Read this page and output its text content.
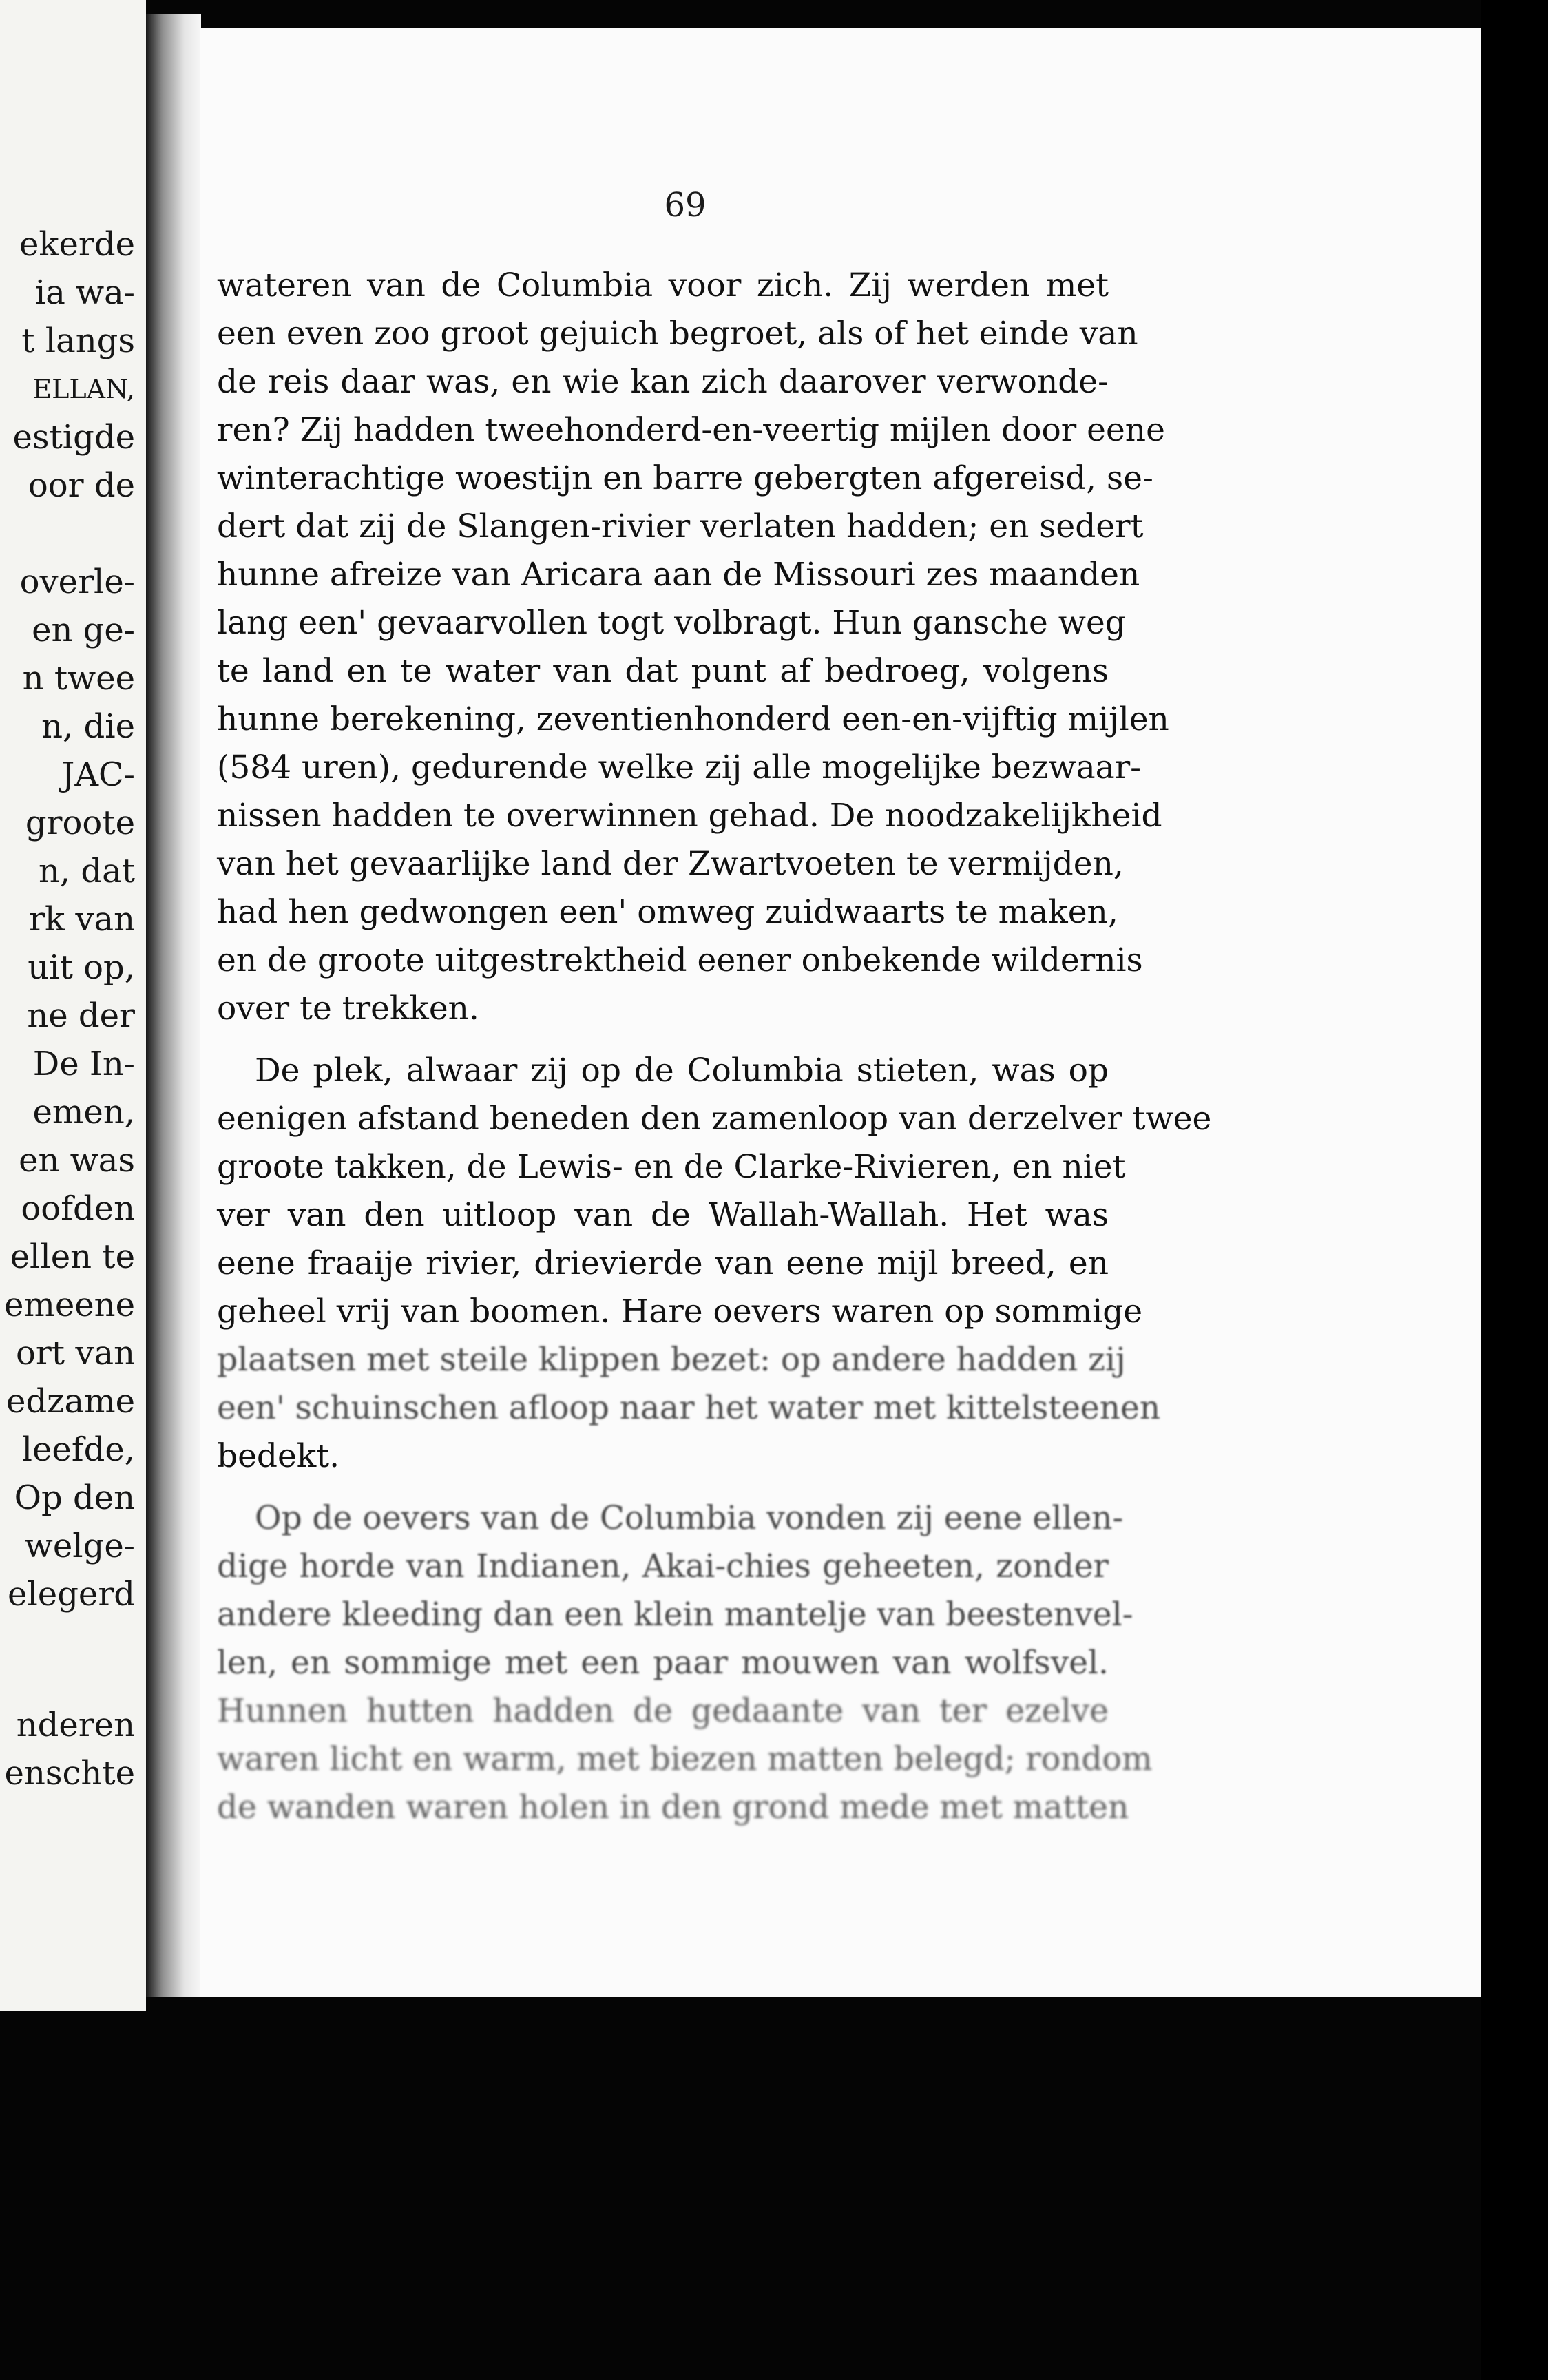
ekerde
ia wa-
t langs
ELLAN,
estigde
oor de
overle-
en ge-
n twee
n, die
JAC-
groote
n, dat
rk van
uit op,
ne der
De In-
emen,
en was
oofden
ellen te
emeene
ort van
edzame
leefde,
Op den
welge-
elegerd
nderen
enschte
69
wateren van de Columbia voor zich. Zij werden met
een even zoo groot gejuich begroet, als of het einde van
de reis daar was, en wie kan zich daarover verwonde-
ren? Zij hadden tweehonderd-en-veertig mijlen door eene
winterachtige woestijn en barre gebergten afgereisd, se-
dert dat zij de Slangen-rivier verlaten hadden; en sedert
hunne afreize van Aricara aan de Missouri zes maanden
lang een' gevaarvollen togt volbragt. Hun gansche weg
te land en te water van dat punt af bedroeg, volgens
hunne berekening, zeventienhonderd een-en-vijftig mijlen
(584 uren), gedurende welke zij alle mogelijke bezwaar-
nissen hadden te overwinnen gehad. De noodzakelijkheid
van het gevaarlijke land der Zwartvoeten te vermijden,
had hen gedwongen een' omweg zuidwaarts te maken,
en de groote uitgestrektheid eener onbekende wildernis
over te trekken.
De plek, alwaar zij op de Columbia stieten, was op
eenigen afstand beneden den zamenloop van derzelver twee
groote takken, de Lewis- en de Clarke-Rivieren, en niet
ver van den uitloop van de Wallah-Wallah. Het was
eene fraaije rivier, drievierde van eene mijl breed, en
geheel vrij van boomen. Hare oevers waren op sommige
plaatsen met steile klippen bezet: op andere hadden zij
een' schuinschen afloop naar het water met kittelsteenen
bedekt.
Op de oevers van de Columbia vonden zij eene ellen-
dige horde van Indianen, Akai-chies geheeten, zonder
andere kleeding dan een klein mantelje van beestenvel-
len, en sommige met een paar mouwen van wolfsvel.
Hunnen hutten hadden de gedaante van ter ezelve
waren licht en warm, met biezen matten belegd; rondom
de wanden waren holen in den grond mede met matten
